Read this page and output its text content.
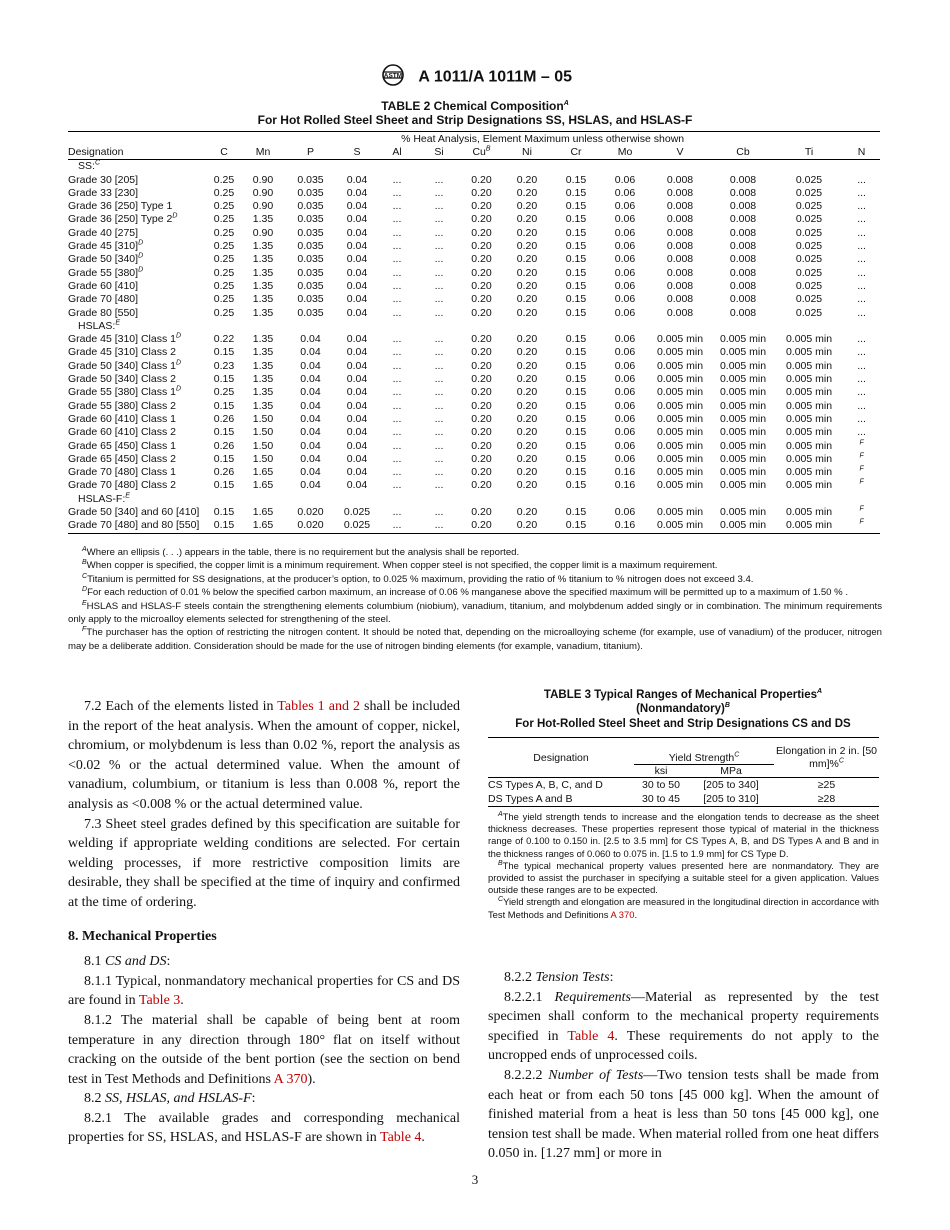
ASTM A 1011/A 1011M – 05
TABLE 2 Chemical Composition$^A$
For Hot Rolled Steel Sheet and Strip Designations SS, HSLAS, and HSLAS-F
	% Heat Analysis, Element Maximum unless otherwise shown													
Designation	C	Mn	P	S	Al	Si	$Cu^B$	Ni	Cr	Mo	V	Cb	Ti	N
SS:$^C$
Grade 30 [205]	0.25	0.90	0.035	0.04	...	...	0.20	0.20	0.15	0.06	0.008	0.008	0.025	...
Grade 33 [230]	0.25	0.90	0.035	0.04	...	...	0.20	0.20	0.15	0.06	0.008	0.008	0.025	...
Grade 36 [250] Type 1	0.25	0.90	0.035	0.04	...	...	0.20	0.20	0.15	0.06	0.008	0.008	0.025	...
Grade 36 [250] Type $2^D$	0.25	1.35	0.035	0.04	...	...	0.20	0.20	0.15	0.06	0.008	0.008	0.025	...
Grade 40 [275]	0.25	0.90	0.035	0.04	...	...	0.20	0.20	0.15	0.06	0.008	0.008	0.025	...
Grade 45 $[310]^D$	0.25	1.35	0.035	0.04	...	...	0.20	0.20	0.15	0.06	0.008	0.008	0.025	...
Grade 50 $[340]^D$	0.25	1.35	0.035	0.04	...	...	0.20	0.20	0.15	0.06	0.008	0.008	0.025	...
Grade 55 $[380]^D$	0.25	1.35	0.035	0.04	...	...	0.20	0.20	0.15	0.06	0.008	0.008	0.025	...
Grade 60 [410]	0.25	1.35	0.035	0.04	...	...	0.20	0.20	0.15	0.06	0.008	0.008	0.025	...
Grade 70 [480]	0.25	1.35	0.035	0.04	...	...	0.20	0.20	0.15	0.06	0.008	0.008	0.025	...
Grade 80 [550]	0.25	1.35	0.035	0.04	...	...	0.20	0.20	0.15	0.06	0.008	0.008	0.025	...
HSLAS:$^E$
Grade 45 [310] Class $1^D$	0.22	1.35	0.04	0.04	...	...	0.20	0.20	0.15	0.06	0.005 min	0.005 min	0.005 min	...
Grade 45 [310] Class 2	0.15	1.35	0.04	0.04	...	...	0.20	0.20	0.15	0.06	0.005 min	0.005 min	0.005 min	...
Grade 50 [340] Class $1^D$	0.23	1.35	0.04	0.04	...	...	0.20	0.20	0.15	0.06	0.005 min	0.005 min	0.005 min	...
Grade 50 [340] Class 2	0.15	1.35	0.04	0.04	...	...	0.20	0.20	0.15	0.06	0.005 min	0.005 min	0.005 min	...
Grade 55 [380] Class $1^D$	0.25	1.35	0.04	0.04	...	...	0.20	0.20	0.15	0.06	0.005 min	0.005 min	0.005 min	...
Grade 55 [380] Class 2	0.15	1.35	0.04	0.04	...	...	0.20	0.20	0.15	0.06	0.005 min	0.005 min	0.005 min	...
Grade 60 [410] Class 1	0.26	1.50	0.04	0.04	...	...	0.20	0.20	0.15	0.06	0.005 min	0.005 min	0.005 min	...
Grade 60 [410] Class 2	0.15	1.50	0.04	0.04	...	...	0.20	0.20	0.15	0.06	0.005 min	0.005 min	0.005 min	...
Grade 65 [450] Class 1	0.26	1.50	0.04	0.04	...	...	0.20	0.20	0.15	0.06	0.005 min	0.005 min	0.005 min	$^F$
Grade 65 [450] Class 2	0.15	1.50	0.04	0.04	...	...	0.20	0.20	0.15	0.06	0.005 min	0.005 min	0.005 min	$^F$
Grade 70 [480] Class 1	0.26	1.65	0.04	0.04	...	...	0.20	0.20	0.15	0.16	0.005 min	0.005 min	0.005 min	$^F$
Grade 70 [480] Class 2	0.15	1.65	0.04	0.04	...	...	0.20	0.20	0.15	0.16	0.005 min	0.005 min	0.005 min	$^F$
HSLAS-F:$^E$
Grade 50 [340] and 60 [410]	0.15	1.65	0.020	0.025	...	...	0.20	0.20	0.15	0.06	0.005 min	0.005 min	0.005 min	$^F$
Grade 70 [480] and 80 [550]	0.15	1.65	0.020	0.025	...	...	0.20	0.20	0.15	0.16	0.005 min	0.005 min	0.005 min	$^F$

$^A$Where an ellipsis (. . .) appears in the table, there is no requirement but the analysis shall be reported.

$^B$When copper is specified, the copper limit is a minimum requirement. When copper steel is not specified, the copper limit is a maximum requirement.

$^C$Titanium is permitted for SS designations, at the producer’s option, to 0.025 % maximum, providing the ratio of % titanium to % nitrogen does not exceed 3.4.

$^D$For each reduction of 0.01 % below the specified carbon maximum, an increase of 0.06 % manganese above the specified maximum will be permitted up to a maximum of 1.50 % .

$^E$HSLAS and HSLAS-F steels contain the strengthening elements columbium (niobium), vanadium, titanium, and molybdenum added singly or in combination. The minimum requirements only apply to the microalloy elements selected for strengthening of the steel.

$^F$The purchaser has the option of restricting the nitrogen content. It should be noted that, depending on the microalloying scheme (for example, use of vanadium) of the producer, nitrogen may be a deliberate addition. Consideration should be made for the use of nitrogen binding elements (for example, vanadium, titanium).

7.2 Each of the elements listed in Tables 1 and 2 shall be included in the report of the heat analysis. When the amount of copper, nickel, chromium, or molybdenum is less than 0.02 %, report the analysis as <0.02 % or the actual determined value. When the amount of vanadium, columbium, or titanium is less than 0.008 %, report the analysis as <0.008 % or the actual determined value.

7.3 Sheet steel grades defined by this specification are suitable for welding if appropriate welding conditions are selected. For certain welding processes, if more restrictive composition limits are desirable, they shall be specified at the time of inquiry and confirmed at the time of ordering.

8. Mechanical Properties

8.1 CS and DS:

8.1.1 Typical, nonmandatory mechanical properties for CS and DS are found in Table 3.

8.1.2 The material shall be capable of being bent at room temperature in any direction through 180° flat on itself without cracking on the outside of the bent portion (see the section on bend test in Test Methods and Definitions A 370).

8.2 SS, HSLAS, and HSLAS-F:

8.2.1 The available grades and corresponding mechanical properties for SS, HSLAS, and HSLAS-F are shown in Table 4.

TABLE 3 Typical Ranges of Mechanical Properties$^A$
(Nonmandatory)$^B$
For Hot-Rolled Steel Sheet and Strip Designations CS and DS
Designation	Yield Strength$^C$		Elongation in 2 in. [50 mm]%$^C$
	ksi	MPa	
CS Types A, B, C, and D	30 to 50	[205 to 340]	≥25
DS Types A and B	30 to 45	[205 to 310]	≥28

$^A$The yield strength tends to increase and the elongation tends to decrease as the sheet thickness decreases. These properties represent those typical of material in the thickness range of 0.100 to 0.150 in. [2.5 to 3.5 mm] for CS Types A, B, and DS Types A and B and in the thickness ranges of 0.060 to 0.075 in. [1.5 to 1.9 mm] for CS Type D.

$^B$The typical mechanical property values presented here are nonmandatory. They are provided to assist the purchaser in specifying a suitable steel for a given application. Values outside these ranges are to be expected.

$^C$Yield strength and elongation are measured in the longitudinal direction in accordance with Test Methods and Definitions A 370.

8.2.2 Tension Tests:

8.2.2.1 Requirements—Material as represented by the test specimen shall conform to the mechanical property requirements specified in Table 4. These requirements do not apply to the uncropped ends of unprocessed coils.

8.2.2.2 Number of Tests—Two tension tests shall be made from each heat or from each 50 tons [45 000 kg]. When the amount of finished material from a heat is less than 50 tons [45 000 kg], one tension test shall be made. When material rolled from one heat differs 0.050 in. [1.27 mm] or more in

3
